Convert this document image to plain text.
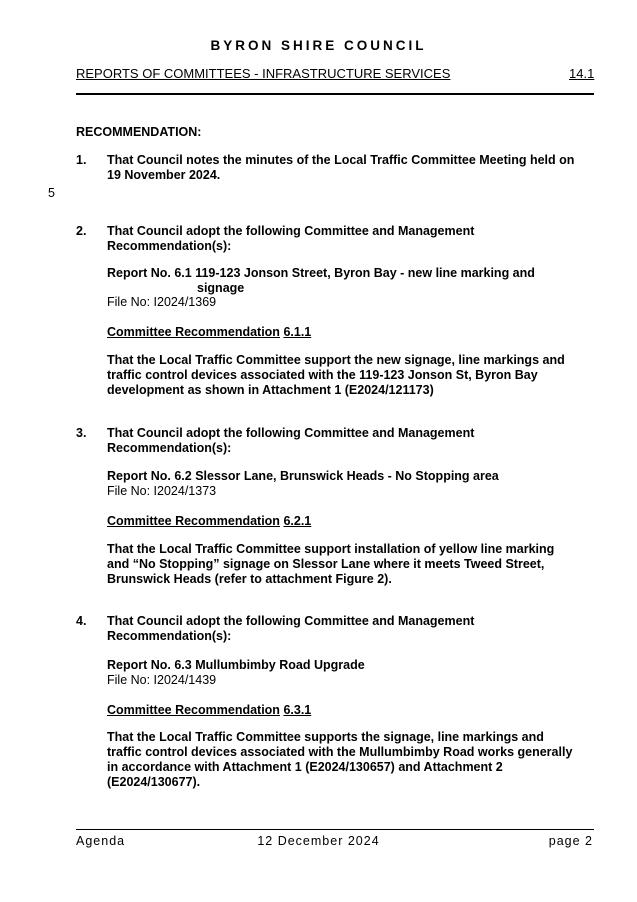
BYRON SHIRE COUNCIL
REPORTS OF COMMITTEES - INFRASTRUCTURE SERVICES	14.1
RECOMMENDATION:
5
1. That Council notes the minutes of the Local Traffic Committee Meeting held on
19 November 2024.
2. That Council adopt the following Committee and Management
Recommendation(s):
Report No. 6.1 119-123 Jonson Street, Byron Bay - new line marking and
signage
File No: I2024/1369
Committee Recommendation 6.1.1
That the Local Traffic Committee support the new signage, line markings and
traffic control devices associated with the 119-123 Jonson St, Byron Bay
development as shown in Attachment 1 (E2024/121173)
3. That Council adopt the following Committee and Management
Recommendation(s):
Report No. 6.2 Slessor Lane, Brunswick Heads - No Stopping area
File No: I2024/1373
Committee Recommendation 6.2.1
That the Local Traffic Committee support installation of yellow line marking
and “No Stopping” signage on Slessor Lane where it meets Tweed Street,
Brunswick Heads (refer to attachment Figure 2).
4. That Council adopt the following Committee and Management
Recommendation(s):
Report No. 6.3 Mullumbimby Road Upgrade
File No: I2024/1439
Committee Recommendation 6.3.1
That the Local Traffic Committee supports the signage, line markings and
traffic control devices associated with the Mullumbimby Road works generally
in accordance with Attachment 1 (E2024/130657) and Attachment 2
(E2024/130677).
Agenda	12 December 2024	page 2
